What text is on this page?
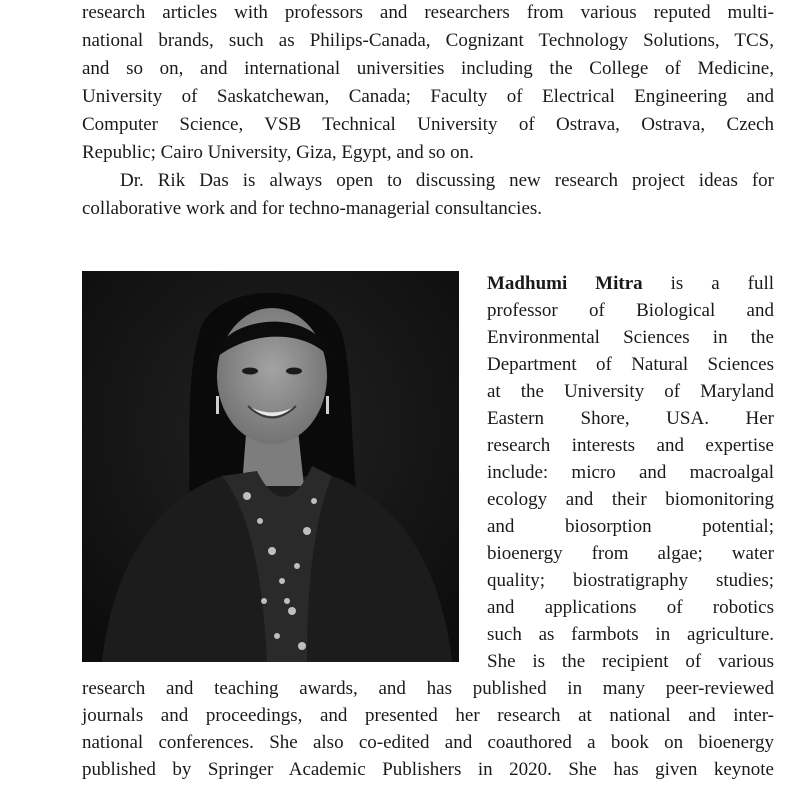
research articles with professors and researchers from various reputed multi-
national brands, such as Philips-Canada, Cognizant Technology Solutions, TCS,
and so on, and international universities including the College of Medicine,
University of Saskatchewan, Canada; Faculty of Electrical Engineering and
Computer Science, VSB Technical University of Ostrava, Ostrava, Czech
Republic; Cairo University, Giza, Egypt, and so on.
Dr. Rik Das is always open to discussing new research project ideas for
collaborative work and for techno-managerial consultancies.
Madhumi Mitra is a full
professor of Biological and
Environmental Sciences in the
Department of Natural Sciences
at the University of Maryland
Eastern Shore, USA. Her
research interests and expertise
include: micro and macroalgal
ecology and their biomonitoring
and biosorption potential;
bioenergy from algae; water
quality; biostratigraphy studies;
and applications of robotics
such as farmbots in agriculture.
She is the recipient of various
research and teaching awards, and has published in many peer-reviewed
journals and proceedings, and presented her research at national and inter-
national conferences. She also co-edited and coauthored a book on bioenergy
published by Springer Academic Publishers in 2020. She has given keynote
